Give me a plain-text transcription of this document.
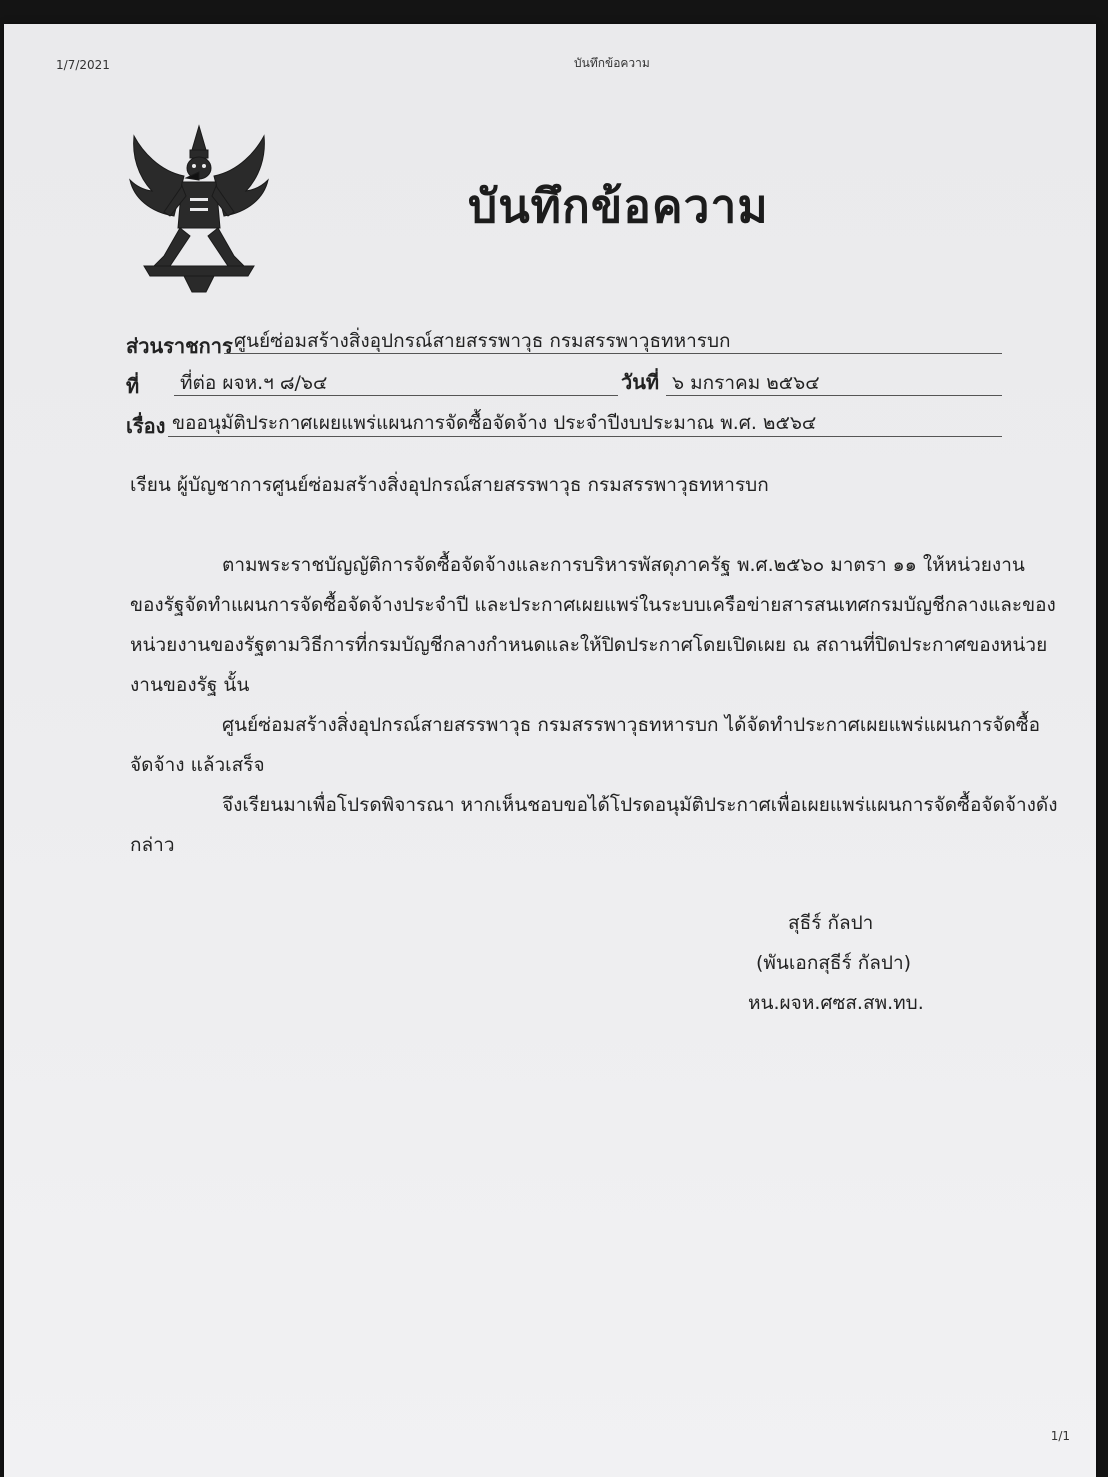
1/7/2021	บันทึกข้อความ
บันทึกข้อความ
ส่วนราชการ ศูนย์ซ่อมสร้างสิ่งอุปกรณ์สายสรรพาวุธ กรมสรรพาวุธทหารบก
ที่ ที่ต่อ ผจห.ฯ ๘/๖๔	วันที่ ๖ มกราคม ๒๕๖๔
เรื่อง ขออนุมัติประกาศเผยแพร่แผนการจัดซื้อจัดจ้าง ประจำปีงบประมาณ พ.ศ. ๒๕๖๔
เรียน ผู้บัญชาการศูนย์ซ่อมสร้างสิ่งอุปกรณ์สายสรรพาวุธ กรมสรรพาวุธทหารบก
ตามพระราชบัญญัติการจัดซื้อจัดจ้างและการบริหารพัสดุภาครัฐ พ.ศ.๒๕๖๐ มาตรา ๑๑ ให้หน่วยงาน
ของรัฐจัดทำแผนการจัดซื้อจัดจ้างประจำปี และประกาศเผยแพร่ในระบบเครือข่ายสารสนเทศกรมบัญชีกลางและของ
หน่วยงานของรัฐตามวิธีการที่กรมบัญชีกลางกำหนดและให้ปิดประกาศโดยเปิดเผย ณ สถานที่ปิดประกาศของหน่วย
งานของรัฐ นั้น
ศูนย์ซ่อมสร้างสิ่งอุปกรณ์สายสรรพาวุธ กรมสรรพาวุธทหารบก ได้จัดทำประกาศเผยแพร่แผนการจัดซื้อ
จัดจ้าง แล้วเสร็จ
จึงเรียนมาเพื่อโปรดพิจารณา หากเห็นชอบขอได้โปรดอนุมัติประกาศเพื่อเผยแพร่แผนการจัดซื้อจัดจ้างดัง
กล่าว
สุธีร์ กัลปา
(พันเอกสุธีร์ กัลปา)
หน.ผจห.ศซส.สพ.ทบ.
1/1
